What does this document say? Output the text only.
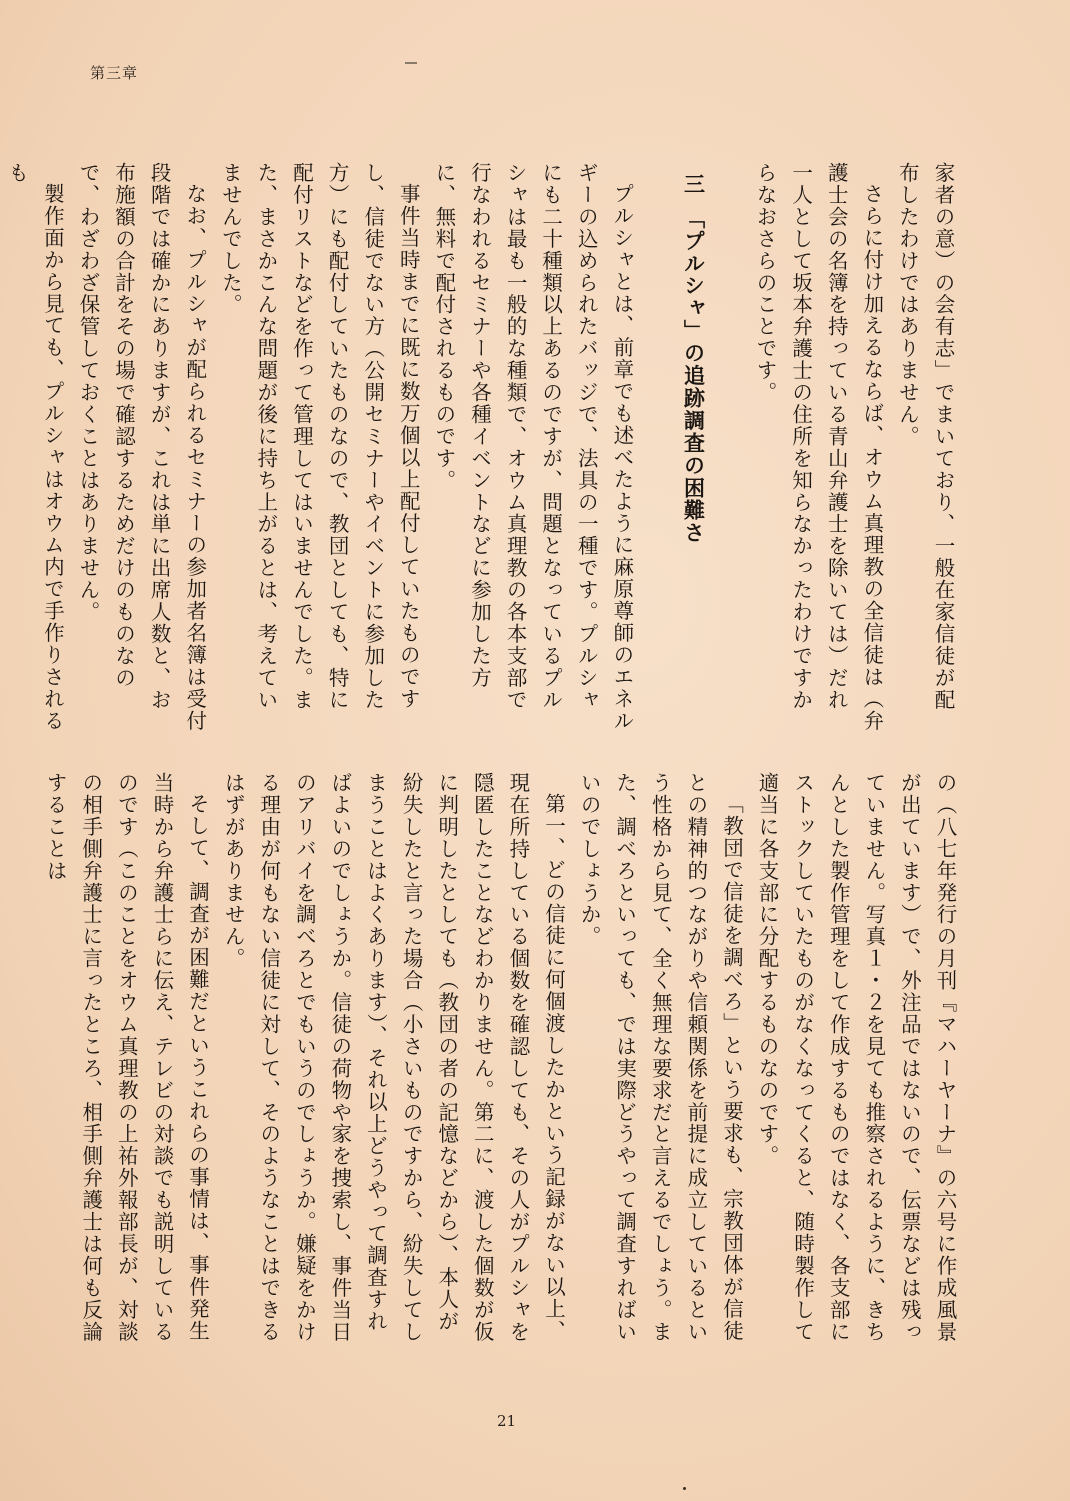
第三章

家者の意）の会有志」でまいており、一般在家信徒が配布したわけではありません。

さらに付け加えるならば、オウム真理教の全信徒は（弁護士会の名簿を持っている青山弁護士を除いては）だれ一人として坂本弁護士の住所を知らなかったわけですからなおさらのことです。

三　「プルシャ」の追跡調査の困難さ

プルシャとは、前章でも述べたように麻原尊師のエネルギーの込められたバッジで、法具の一種です。プルシャにも二十種類以上あるのですが、問題となっているプルシャは最も一般的な種類で、オウム真理教の各本支部で行なわれるセミナーや各種イベントなどに参加した方に、無料で配付されるものです。

事件当時までに既に数万個以上配付していたものですし、信徒でない方（公開セミナーやイベントに参加した方）にも配付していたものなので、教団としても、特に配付リストなどを作って管理してはいませんでした。また、まさかこんな問題が後に持ち上がるとは、考えていませんでした。

なお、プルシャが配られるセミナーの参加者名簿は受付段階では確かにありますが、これは単に出席人数と、お布施額の合計をその場で確認するためだけのものなので、わざわざ保管しておくことはありません。

製作面から見ても、プルシャはオウム内で手作りされるも

の（八七年発行の月刊『マハーヤーナ』の六号に作成風景が出ています）で、外注品ではないので、伝票などは残っていません。写真１・２を見ても推察されるように、きちんとした製作管理をして作成するものではなく、各支部にストックしていたものがなくなってくると、随時製作して適当に各支部に分配するものなのです。

「教団で信徒を調べろ」という要求も、宗教団体が信徒との精神的つながりや信頼関係を前提に成立しているという性格から見て、全く無理な要求だと言えるでしょう。また、調べろといっても、では実際どうやって調査すればいいのでしょうか。

第一、どの信徒に何個渡したかという記録がない以上、現在所持している個数を確認しても、その人がプルシャを隠匿したことなどわかりません。第二に、渡した個数が仮に判明したとしても（教団の者の記憶などから）、本人が紛失したと言った場合（小さいものですから、紛失してしまうことはよくあります）、それ以上どうやって調査すればよいのでしょうか。信徒の荷物や家を捜索し、事件当日のアリバイを調べろとでもいうのでしょうか。嫌疑をかける理由が何もない信徒に対して、そのようなことはできるはずがありません。

そして、調査が困難だというこれらの事情は、事件発生当時から弁護士らに伝え、テレビの対談でも説明しているのです（このことをオウム真理教の上祐外報部長が、対談の相手側弁護士に言ったところ、相手側弁護士は何も反論することは

21
